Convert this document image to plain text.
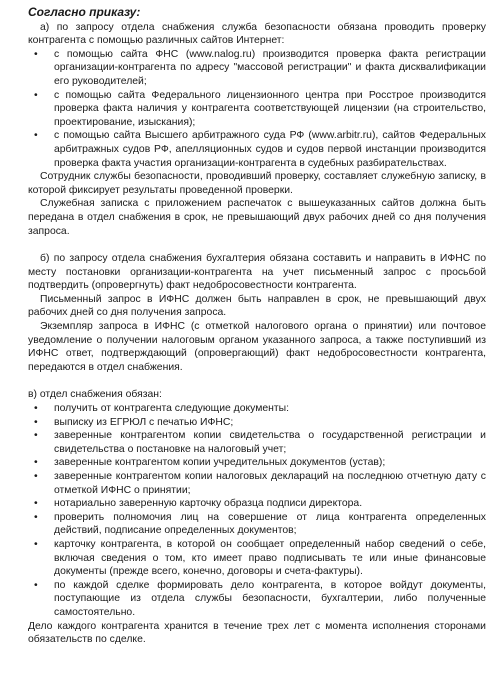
Согласно приказу:

а) по запросу отдела снабжения служба безопасности обязана проводить проверку контрагента с помощью различных сайтов Интернет:

• с помощью сайта ФНС (www.nalog.ru) производится проверка факта регистрации организации-контрагента по адресу "массовой регистрации" и факта дисквалификации его руководителей;
• с помощью сайта Федерального лицензионного центра при Росстрое производится проверка факта наличия у контрагента соответствующей лицензии (на строительство, проектирование, изыскания);
• с помощью сайта Высшего арбитражного суда РФ (www.arbitr.ru), сайтов Федеральных арбитражных судов РФ, апелляционных судов и судов первой инстанции производится проверка факта участия организации-контрагента в судебных разбирательствах.

Сотрудник службы безопасности, проводивший проверку, составляет служебную записку, в которой фиксирует результаты проведенной проверки.

Служебная записка с приложением распечаток с вышеуказанных сайтов должна быть передана в отдел снабжения в срок, не превышающий двух рабочих дней со дня получения запроса.

б) по запросу отдела снабжения бухгалтерия обязана составить и направить в ИФНС по месту постановки организации-контрагента на учет письменный запрос с просьбой подтвердить (опровергнуть) факт недобросовестности контрагента.

Письменный запрос в ИФНС должен быть направлен в срок, не превышающий двух рабочих дней со дня получения запроса.

Экземпляр запроса в ИФНС (с отметкой налогового органа о принятии) или почтовое уведомление о получении налоговым органом указанного запроса, а также поступивший из ИФНС ответ, подтверждающий (опровергающий) факт недобросовестности контрагента, передаются в отдел снабжения.

в) отдел снабжения обязан:

• получить от контрагента следующие документы:
• выписку из ЕГРЮЛ с печатью ИФНС;
• заверенные контрагентом копии свидетельства о государственной регистрации и свидетельства о постановке на налоговый учет;
• заверенные контрагентом копии учредительных документов (устав);
• заверенные контрагентом копии налоговых деклараций на последнюю отчетную дату с отметкой ИФНС о принятии;
• нотариально заверенную карточку образца подписи директора.
• проверить полномочия лиц на совершение от лица контрагента определенных действий, подписание определенных документов;
• карточку контрагента, в которой он сообщает определенный набор сведений о себе, включая сведения о том, кто имеет право подписывать те или иные финансовые документы (прежде всего, конечно, договоры и счета-фактуры).
• по каждой сделке формировать дело контрагента, в которое войдут документы, поступающие из отдела службы безопасности, бухгалтерии, либо полученные самостоятельно.

Дело каждого контрагента хранится в течение трех лет с момента исполнения сторонами обязательств по сделке.
